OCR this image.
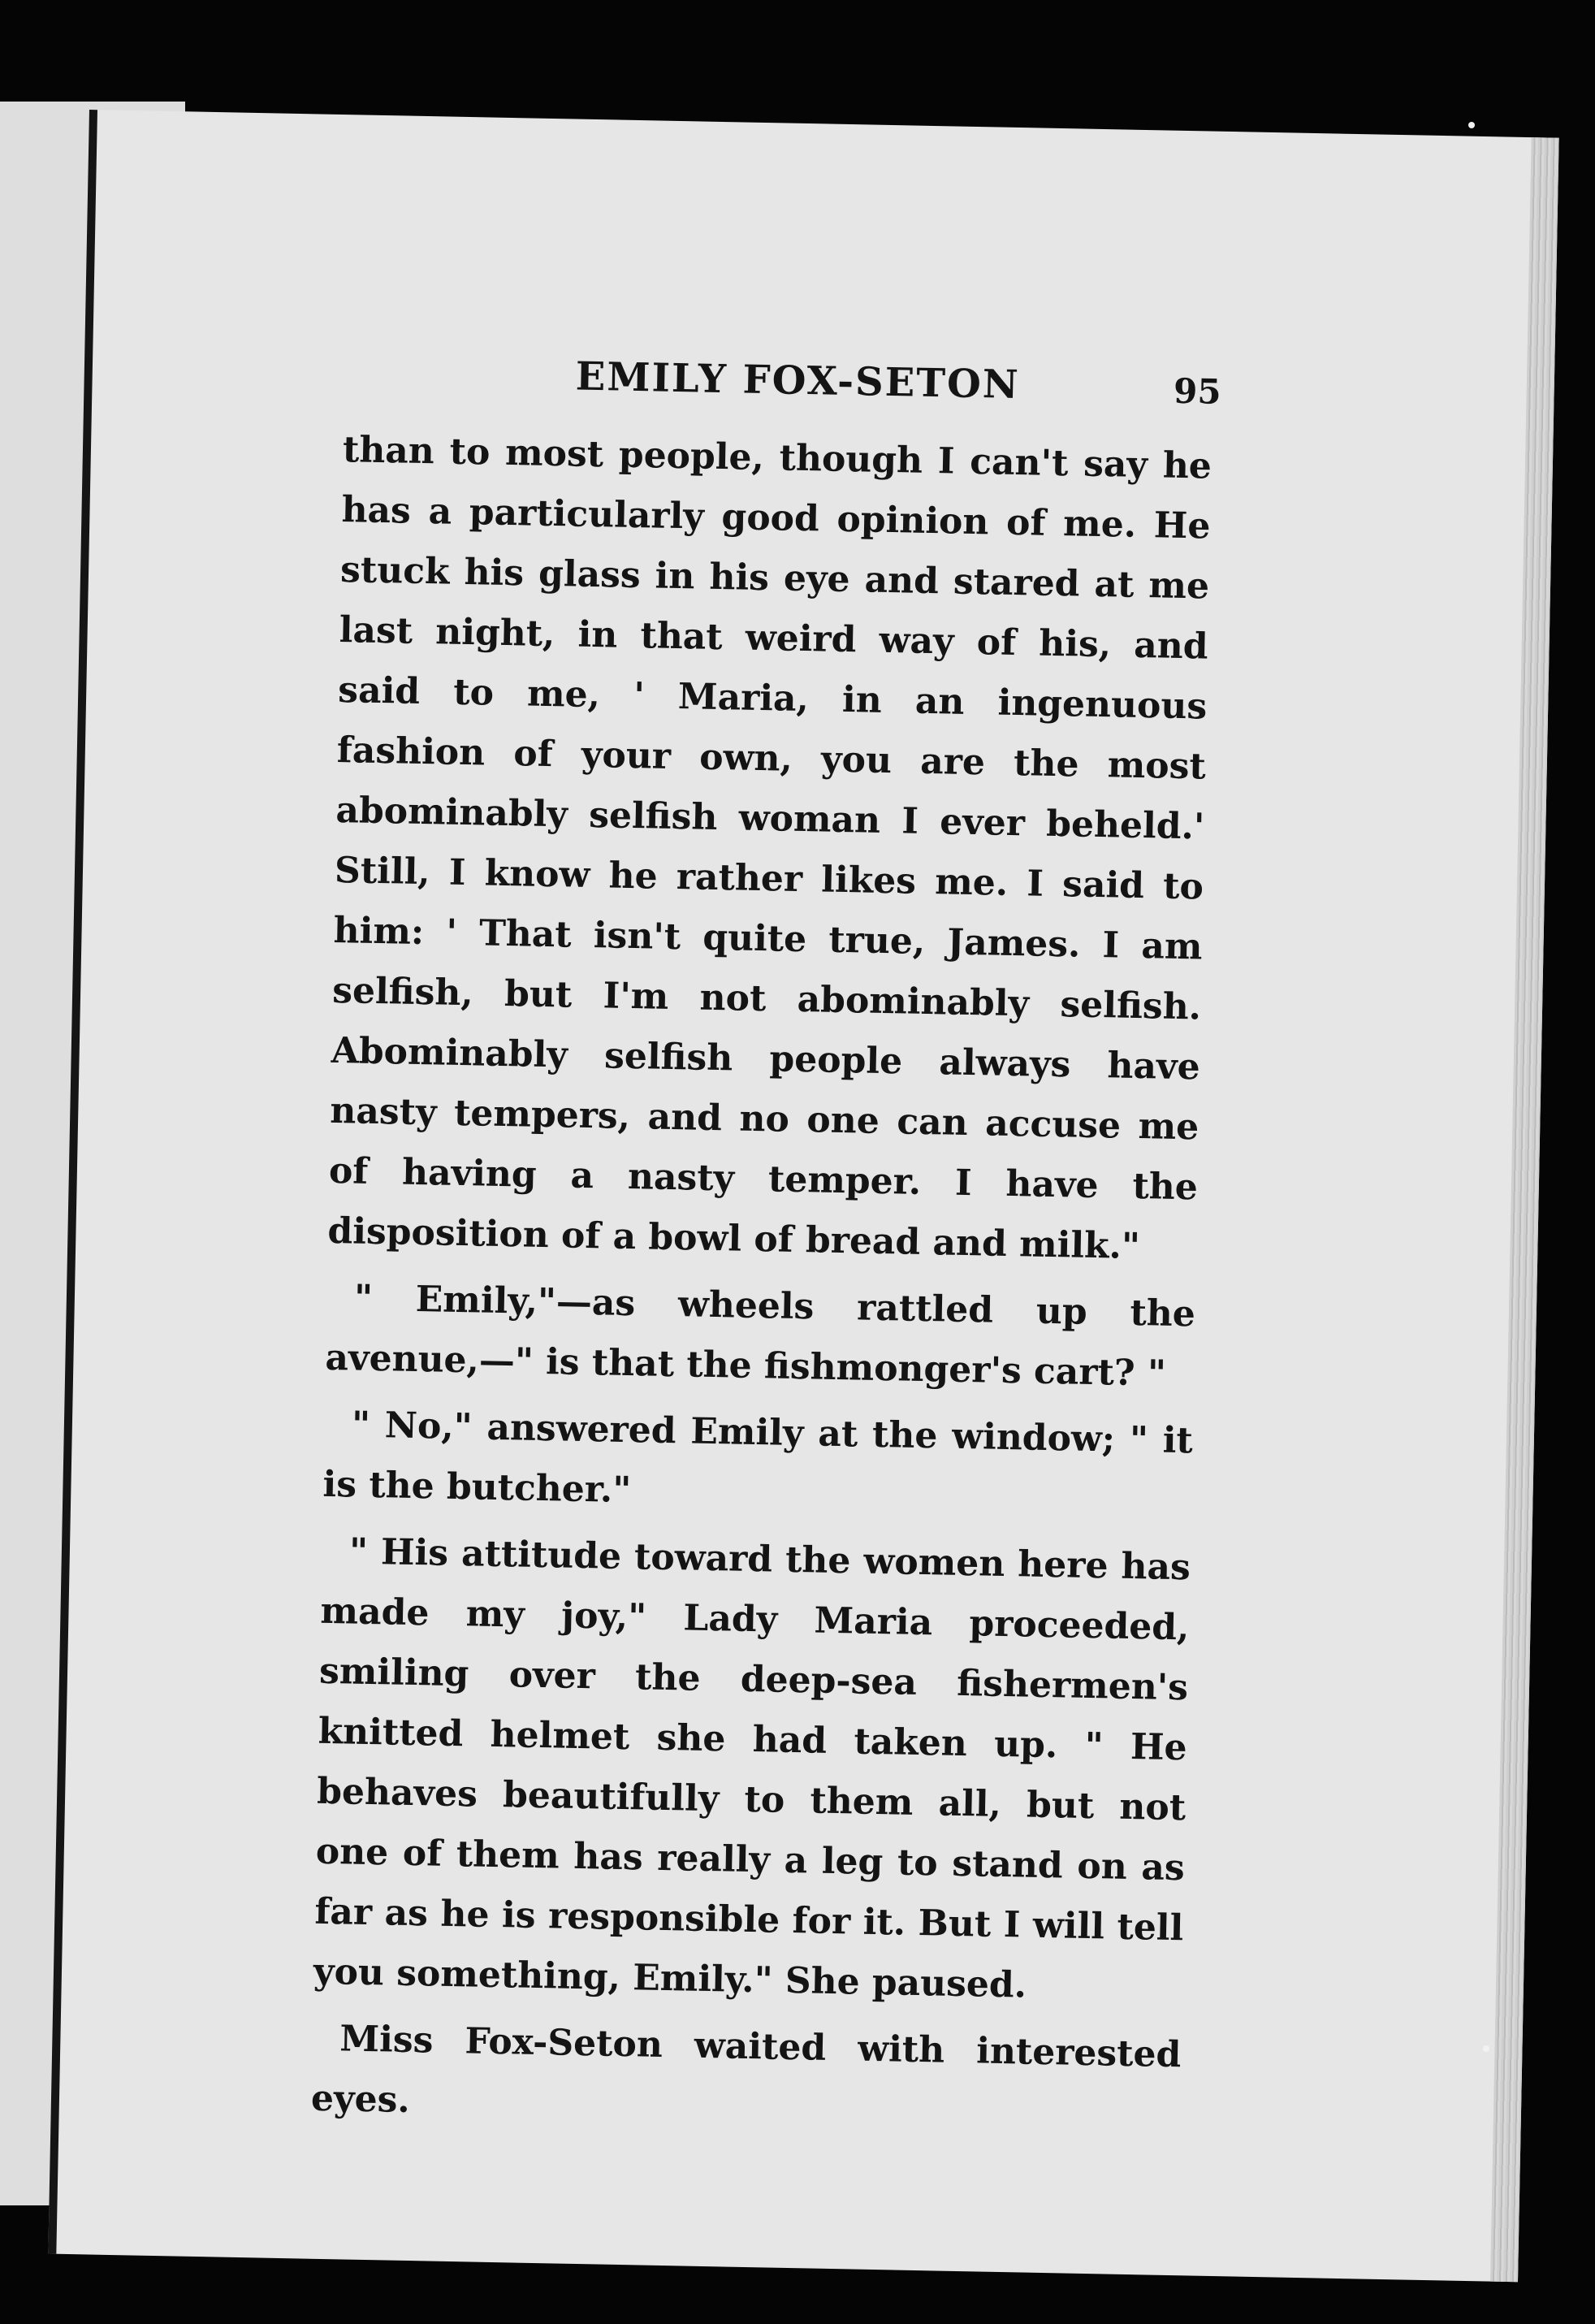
EMILY FOX-SETON	95

than to most people, though I can't say he has a particularly good opinion of me. He stuck his glass in his eye and stared at me last night, in that weird way of his, and said to me, ' Maria, in an ingenuous fashion of your own, you are the most abominably selfish woman I ever beheld.' Still, I know he rather likes me. I said to him: ' That isn't quite true, James. I am selfish, but I'm not abominably selfish. Abominably selfish people always have nasty tempers, and no one can accuse me of having a nasty temper. I have the disposition of a bowl of bread and milk."

" Emily,"—as wheels rattled up the avenue,—" is that the fishmonger's cart? "

" No," answered Emily at the window; " it is the butcher."

" His attitude toward the women here has made my joy," Lady Maria proceeded, smiling over the deep-sea fishermen's knitted helmet she had taken up. " He behaves beautifully to them all, but not one of them has really a leg to stand on as far as he is responsible for it. But I will tell you something, Emily." She paused.

Miss Fox-Seton waited with interested eyes.
